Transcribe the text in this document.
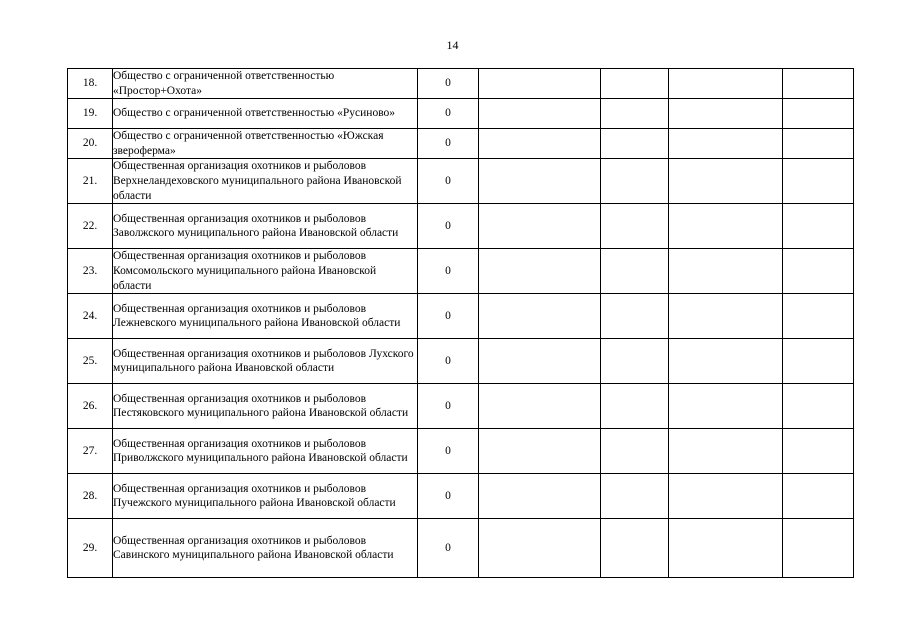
14
18.	Общество с ограниченной ответственностью «Простор+Охота»	0				
19.	Общество с ограниченной ответственностью «Русиново»	0				
20.	Общество с ограниченной ответственностью «Южская звероферма»	0				
21.	Общественная организация охотников и рыболовов Верхнеландеховского муниципального района Ивановской области	0				
22.	Общественная организация охотников и рыболовов Заволжского муниципального района Ивановской области	0				
23.	Общественная организация охотников и рыболовов Комсомольского муниципального района Ивановской области	0				
24.	Общественная организация охотников и рыболовов Лежневского муниципального района Ивановской области	0				
25.	Общественная организация охотников и рыболовов Лухского муниципального района Ивановской области	0				
26.	Общественная организация охотников и рыболовов Пестяковского муниципального района Ивановской области	0				
27.	Общественная организация охотников и рыболовов Приволжского муниципального района Ивановской области	0				
28.	Общественная организация охотников и рыболовов Пучежского муниципального района Ивановской области	0				
29.	Общественная организация охотников и рыболовов Савинского муниципального района Ивановской области	0				
